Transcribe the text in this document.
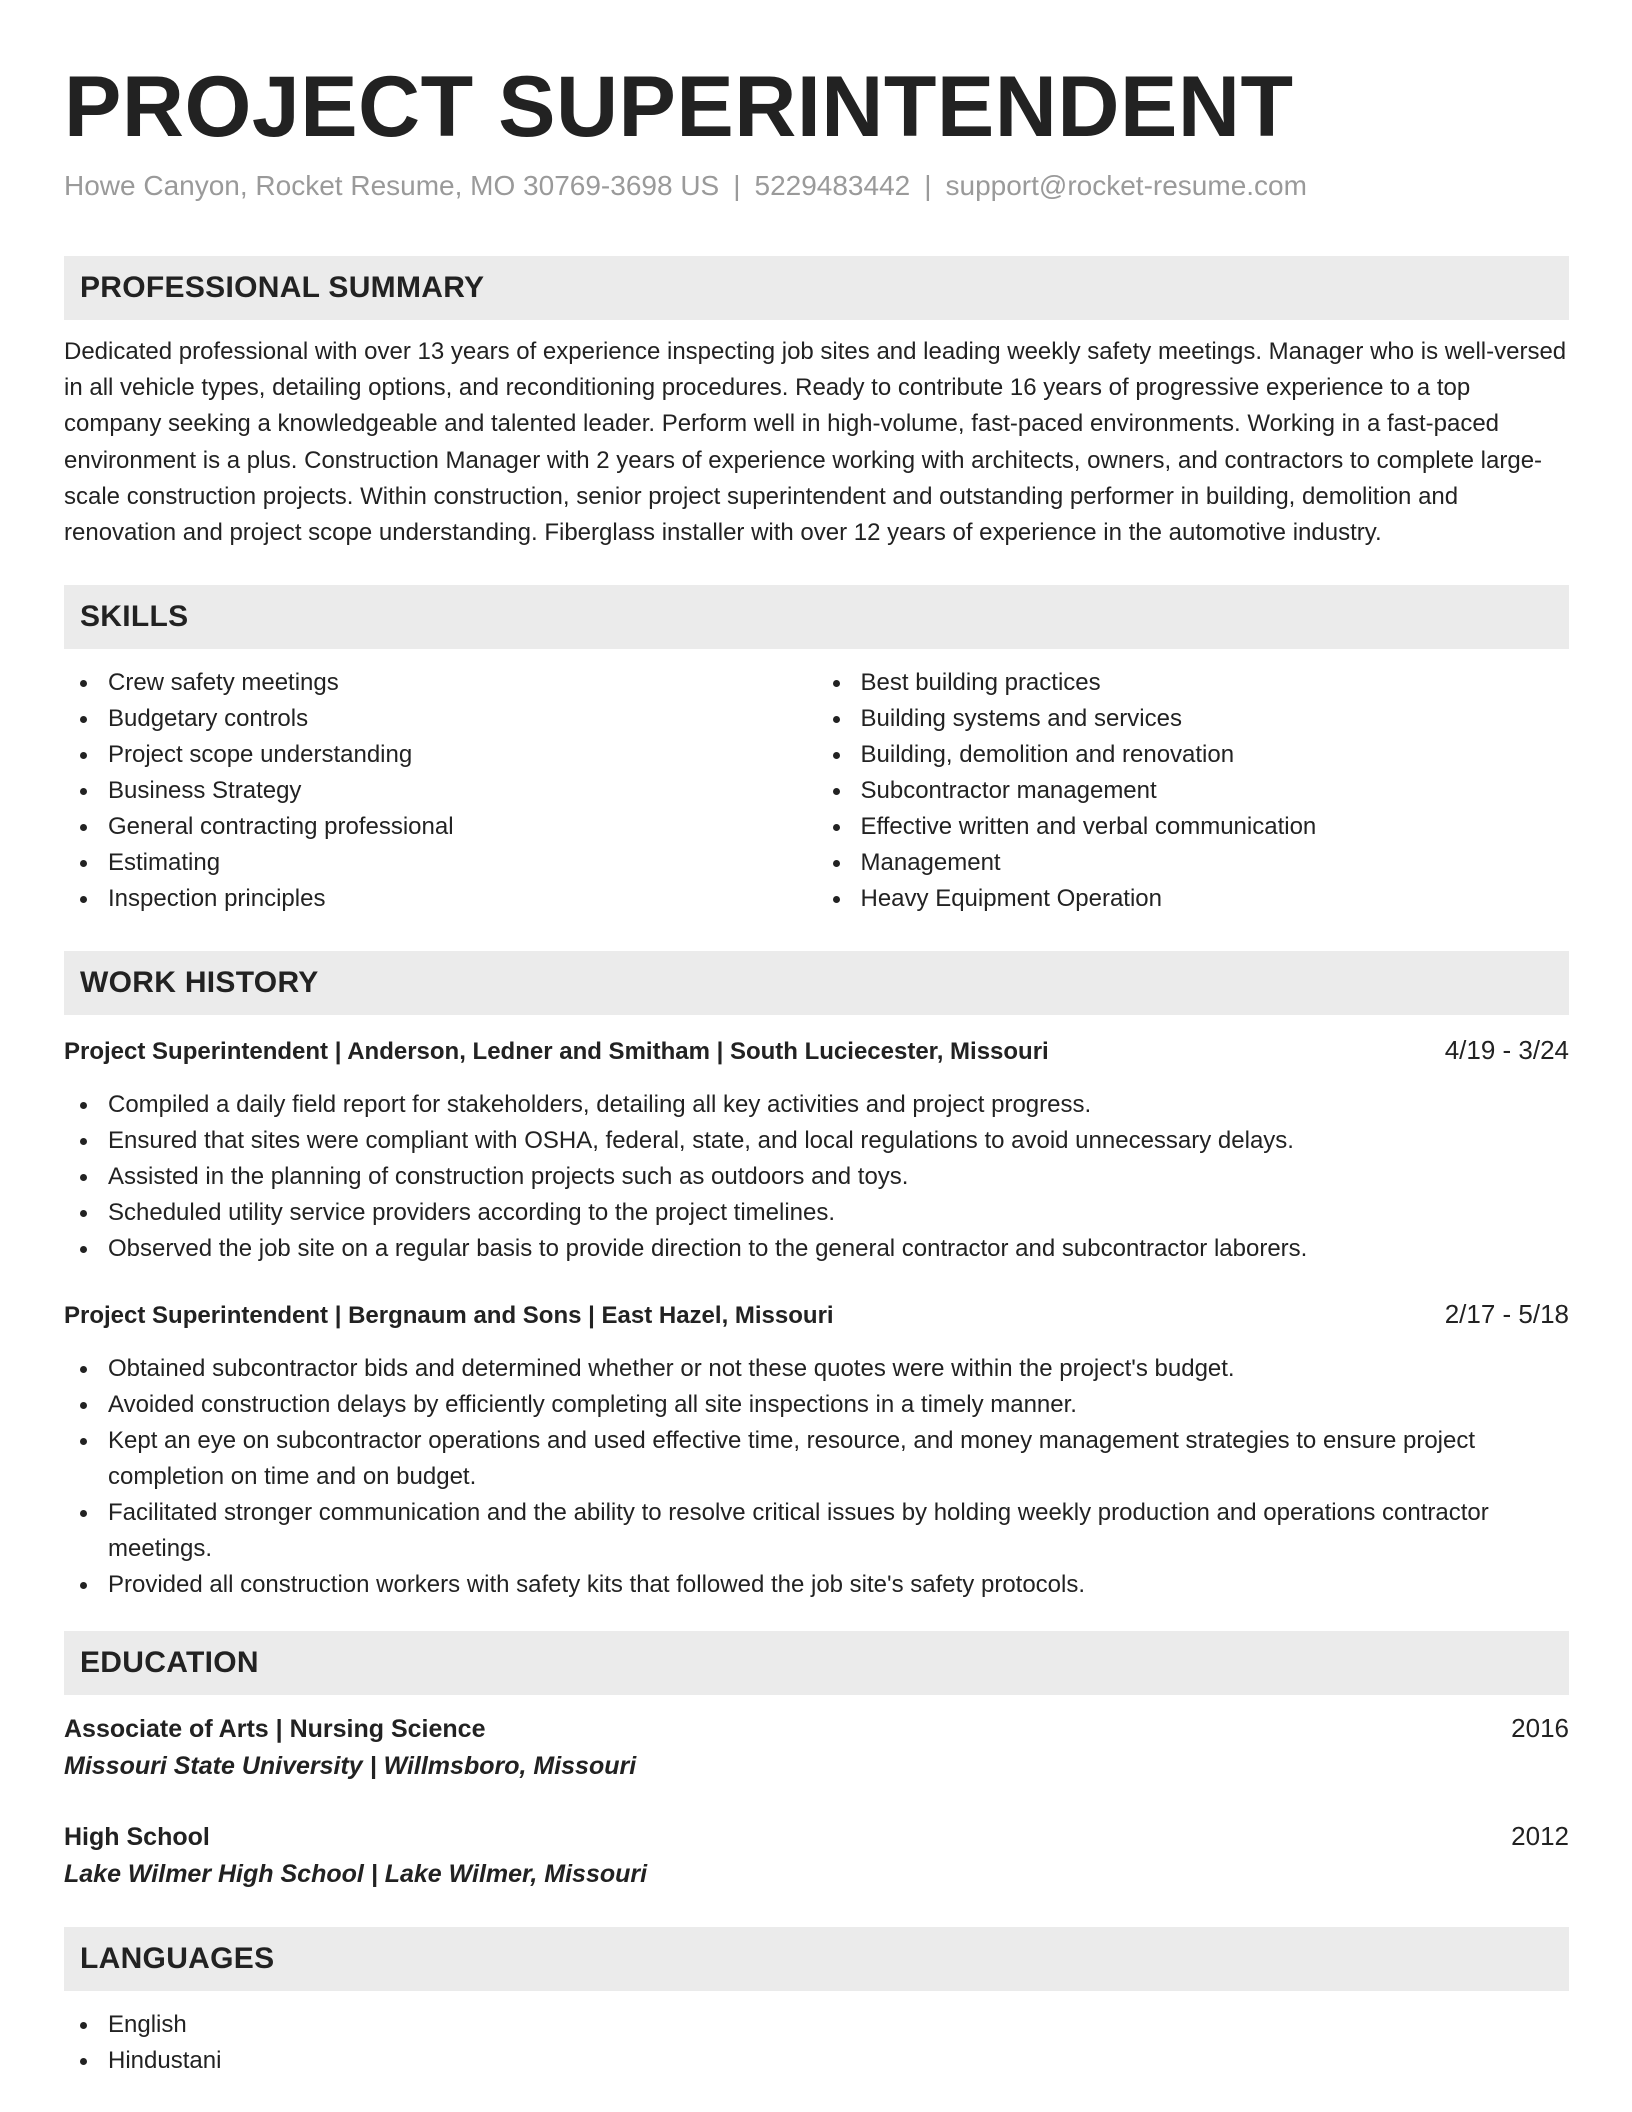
PROJECT SUPERINTENDENT
Howe Canyon, Rocket Resume, MO 30769-3698 US | 5229483442 | support@rocket-resume.com
PROFESSIONAL SUMMARY

Dedicated professional with over 13 years of experience inspecting job sites and leading weekly safety meetings. Manager who is well-versed in all vehicle types, detailing options, and reconditioning procedures. Ready to contribute 16 years of progressive experience to a top company seeking a knowledgeable and talented leader. Perform well in high-volume, fast-paced environments. Working in a fast-paced environment is a plus. Construction Manager with 2 years of experience working with architects, owners, and contractors to complete large-scale construction projects. Within construction, senior project superintendent and outstanding performer in building, demolition and renovation and project scope understanding. Fiberglass installer with over 12 years of experience in the automotive industry.

SKILLS
Crew safety meetings
Budgetary controls
Project scope understanding
Business Strategy
General contracting professional
Estimating
Inspection principles
Best building practices
Building systems and services
Building, demolition and renovation
Subcontractor management
Effective written and verbal communication
Management
Heavy Equipment Operation
WORK HISTORY
Project Superintendent | Anderson, Ledner and Smitham | South Luciecester, Missouri	4/19 - 3/24
Compiled a daily field report for stakeholders, detailing all key activities and project progress.
Ensured that sites were compliant with OSHA, federal, state, and local regulations to avoid unnecessary delays.
Assisted in the planning of construction projects such as outdoors and toys.
Scheduled utility service providers according to the project timelines.
Observed the job site on a regular basis to provide direction to the general contractor and subcontractor laborers.
Project Superintendent | Bergnaum and Sons | East Hazel, Missouri	2/17 - 5/18
Obtained subcontractor bids and determined whether or not these quotes were within the project's budget.
Avoided construction delays by efficiently completing all site inspections in a timely manner.
Kept an eye on subcontractor operations and used effective time, resource, and money management strategies to ensure project completion on time and on budget.
Facilitated stronger communication and the ability to resolve critical issues by holding weekly production and operations contractor meetings.
Provided all construction workers with safety kits that followed the job site's safety protocols.
EDUCATION
Associate of Arts | Nursing Science	2016
Missouri State University | Willmsboro, Missouri
High School	2012
Lake Wilmer High School | Lake Wilmer, Missouri
LANGUAGES
English
Hindustani
